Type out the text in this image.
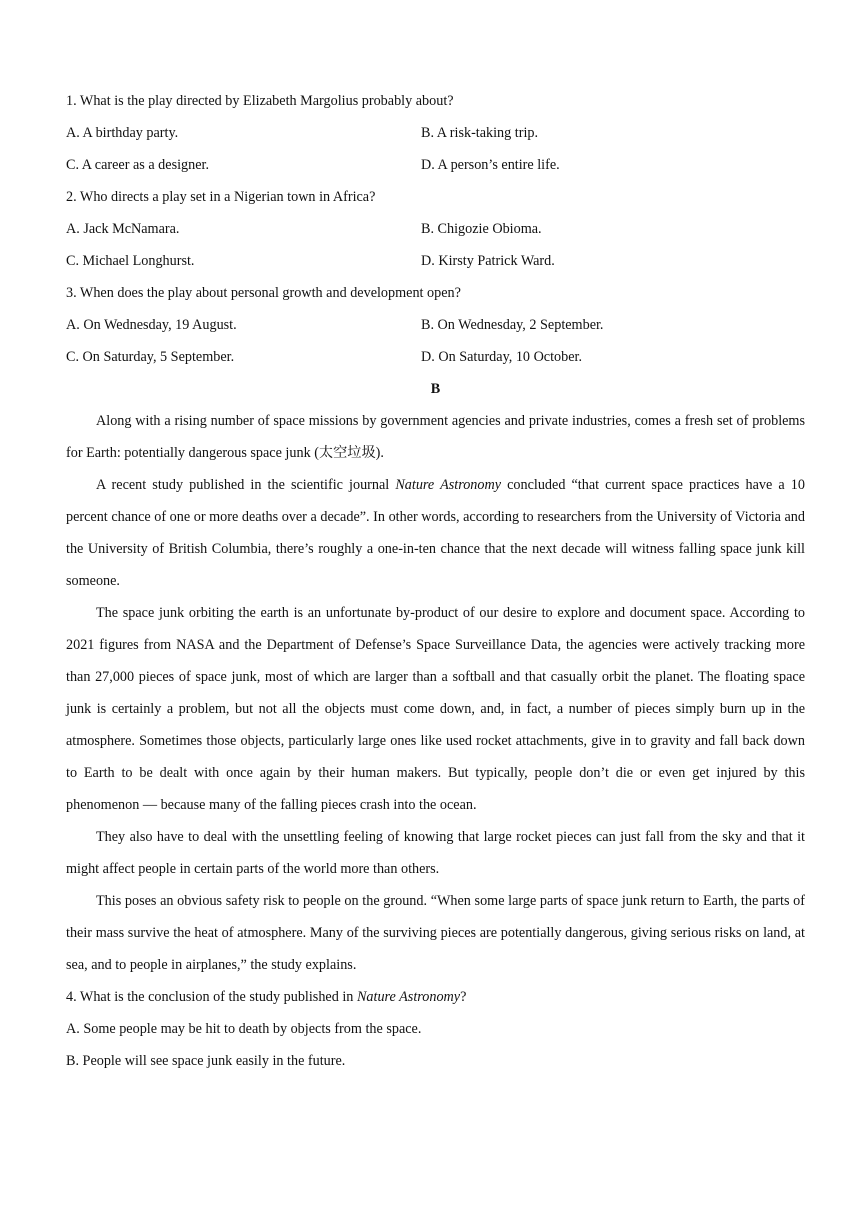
1. What is the play directed by Elizabeth Margolius probably about?
A. A birthday party.	B. A risk-taking trip.
C. A career as a designer.	D. A person’s entire life.
2. Who directs a play set in a Nigerian town in Africa?
A. Jack McNamara.	B. Chigozie Obioma.
C. Michael Longhurst.	D. Kirsty Patrick Ward.
3. When does the play about personal growth and development open?
A. On Wednesday, 19 August.	B. On Wednesday, 2 September.
C. On Saturday, 5 September.	D. On Saturday, 10 October.
B

Along with a rising number of space missions by government agencies and private industries, comes a fresh set of problems for Earth: potentially dangerous space junk (太空垃圾).

A recent study published in the scientific journal Nature Astronomy concluded “that current space practices have a 10 percent chance of one or more deaths over a decade”. In other words, according to researchers from the University of Victoria and the University of British Columbia, there’s roughly a one-in-ten chance that the next decade will witness falling space junk kill someone.

The space junk orbiting the earth is an unfortunate by-product of our desire to explore and document space. According to 2021 figures from NASA and the Department of Defense’s Space Surveillance Data, the agencies were actively tracking more than 27,000 pieces of space junk, most of which are larger than a softball and that casually orbit the planet. The floating space junk is certainly a problem, but not all the objects must come down, and, in fact, a number of pieces simply burn up in the atmosphere. Sometimes those objects, particularly large ones like used rocket attachments, give in to gravity and fall back down to Earth to be dealt with once again by their human makers. But typically, people don’t die or even get injured by this phenomenon — because many of the falling pieces crash into the ocean.

They also have to deal with the unsettling feeling of knowing that large rocket pieces can just fall from the sky and that it might affect people in certain parts of the world more than others.

This poses an obvious safety risk to people on the ground. “When some large parts of space junk return to Earth, the parts of their mass survive the heat of atmosphere. Many of the surviving pieces are potentially dangerous, giving serious risks on land, at sea, and to people in airplanes,” the study explains.

4. What is the conclusion of the study published in Nature Astronomy?
A. Some people may be hit to death by objects from the space.
B. People will see space junk easily in the future.
